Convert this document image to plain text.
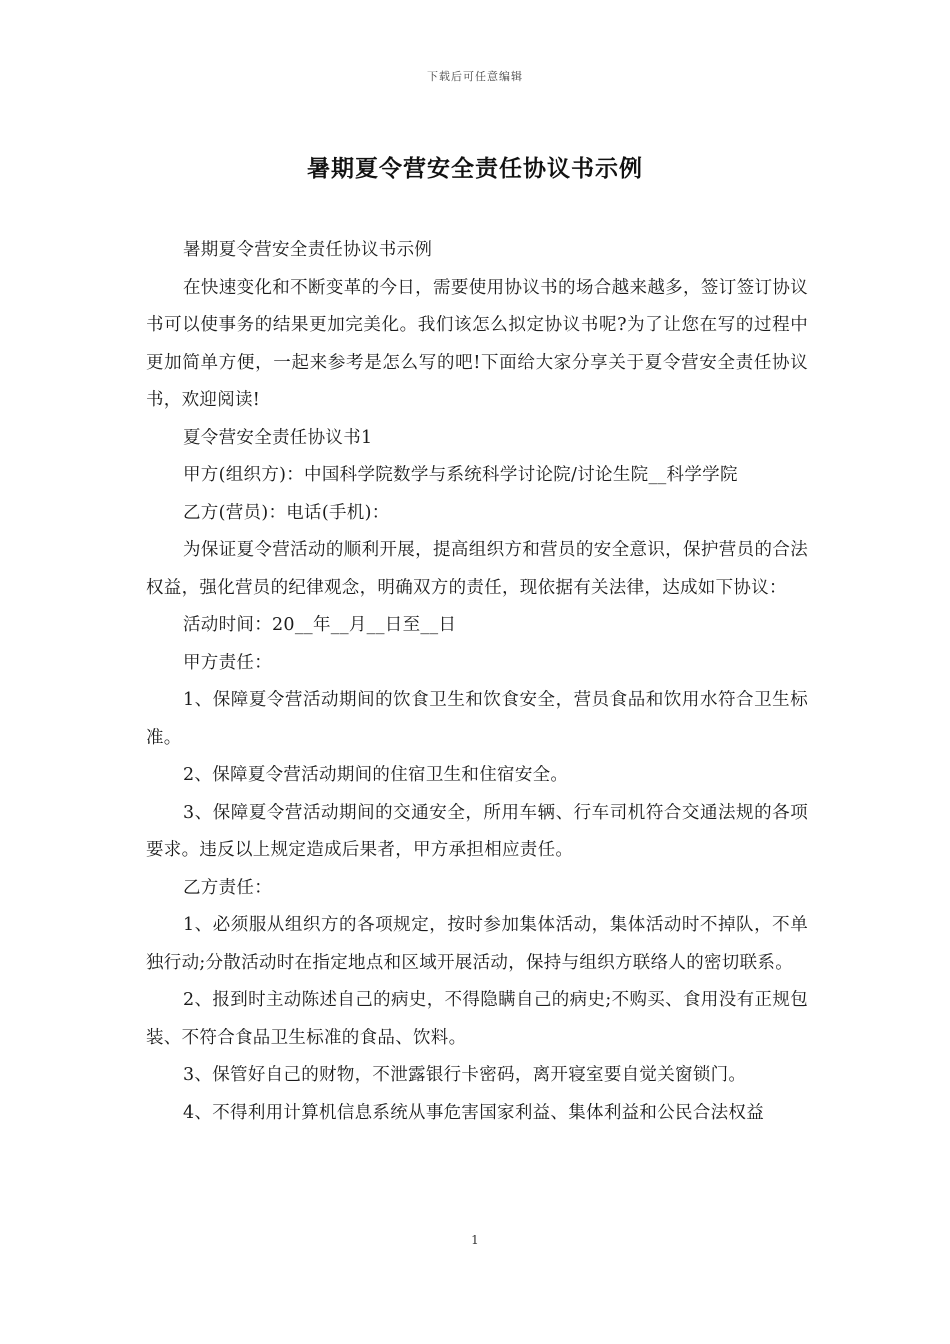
下载后可任意编辑
暑期夏令营安全责任协议书示例

暑期夏令营安全责任协议书示例

在快速变化和不断变革的今日，需要使用协议书的场合越来越多，签订签订协议书可以使事务的结果更加完美化。我们该怎么拟定协议书呢?为了让您在写的过程中更加简单方便，一起来参考是怎么写的吧!下面给大家分享关于夏令营安全责任协议书，欢迎阅读!

夏令营安全责任协议书1

甲方(组织方)：中国科学院数学与系统科学讨论院/讨论生院__科学学院

乙方(营员)：电话(手机)：

为保证夏令营活动的顺利开展，提高组织方和营员的安全意识，保护营员的合法权益，强化营员的纪律观念，明确双方的责任，现依据有关法律，达成如下协议：

活动时间：20__年__月__日至__日

甲方责任：

1、保障夏令营活动期间的饮食卫生和饮食安全，营员食品和饮用水符合卫生标准。

2、保障夏令营活动期间的住宿卫生和住宿安全。

3、保障夏令营活动期间的交通安全，所用车辆、行车司机符合交通法规的各项要求。违反以上规定造成后果者，甲方承担相应责任。

乙方责任：

1、必须服从组织方的各项规定，按时参加集体活动，集体活动时不掉队，不单独行动;分散活动时在指定地点和区域开展活动，保持与组织方联络人的密切联系。

2、报到时主动陈述自己的病史，不得隐瞒自己的病史;不购买、食用没有正规包装、不符合食品卫生标准的食品、饮料。

3、保管好自己的财物，不泄露银行卡密码，离开寝室要自觉关窗锁门。

4、不得利用计算机信息系统从事危害国家利益、集体利益和公民合法权益

1
